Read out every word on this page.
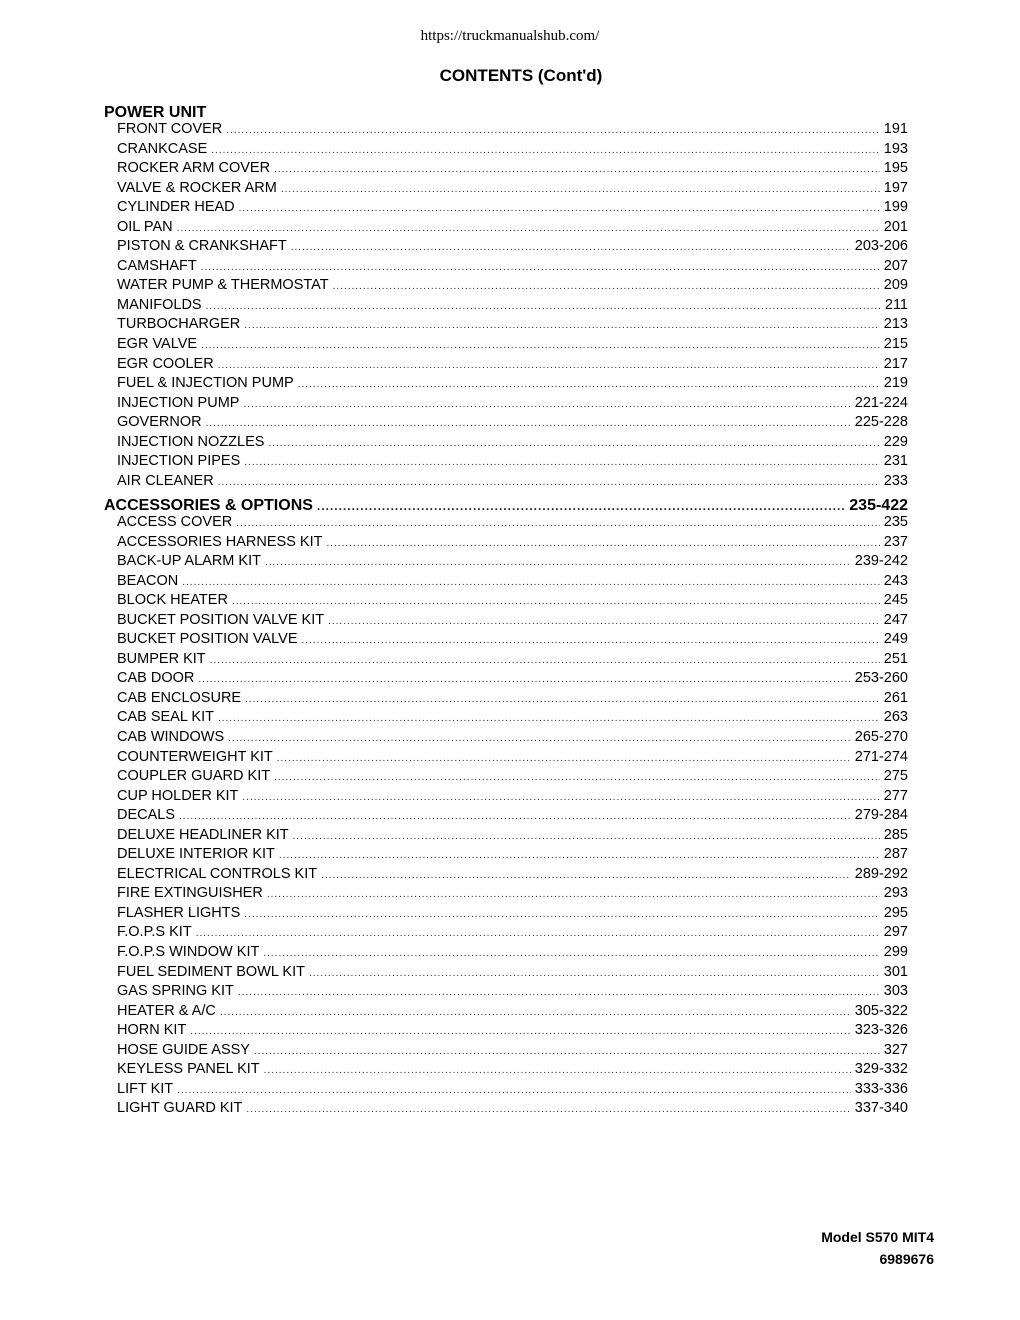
https://truckmanualshub.com/
CONTENTS (Cont'd)
POWER UNIT
FRONT COVER .....	191
CRANKCASE .....	193
ROCKER ARM COVER .....	195
VALVE & ROCKER ARM .....	197
CYLINDER HEAD .....	199
OIL PAN .....	201
PISTON & CRANKSHAFT .....	203-206
CAMSHAFT .....	207
WATER PUMP & THERMOSTAT .....	209
MANIFOLDS .....	211
TURBOCHARGER .....	213
EGR VALVE .....	215
EGR COOLER .....	217
FUEL & INJECTION PUMP .....	219
INJECTION PUMP .....	221-224
GOVERNOR .....	225-228
INJECTION NOZZLES .....	229
INJECTION PIPES .....	231
AIR CLEANER .....	233
ACCESSORIES & OPTIONS .....	235-422
ACCESS COVER .....	235
ACCESSORIES HARNESS KIT .....	237
BACK-UP ALARM KIT .....	239-242
BEACON .....	243
BLOCK HEATER .....	245
BUCKET POSITION VALVE KIT .....	247
BUCKET POSITION VALVE .....	249
BUMPER KIT .....	251
CAB DOOR .....	253-260
CAB ENCLOSURE .....	261
CAB SEAL KIT .....	263
CAB WINDOWS .....	265-270
COUNTERWEIGHT KIT .....	271-274
COUPLER GUARD KIT .....	275
CUP HOLDER KIT .....	277
DECALS .....	279-284
DELUXE HEADLINER KIT .....	285
DELUXE INTERIOR KIT .....	287
ELECTRICAL CONTROLS KIT .....	289-292
FIRE EXTINGUISHER .....	293
FLASHER LIGHTS .....	295
F.O.P.S KIT .....	297
F.O.P.S WINDOW KIT .....	299
FUEL SEDIMENT BOWL KIT .....	301
GAS SPRING KIT .....	303
HEATER & A/C .....	305-322
HORN KIT .....	323-326
HOSE GUIDE ASSY .....	327
KEYLESS PANEL KIT .....	329-332
LIFT KIT .....	333-336
LIGHT GUARD KIT .....	337-340
Model S570 MIT4
6989676
